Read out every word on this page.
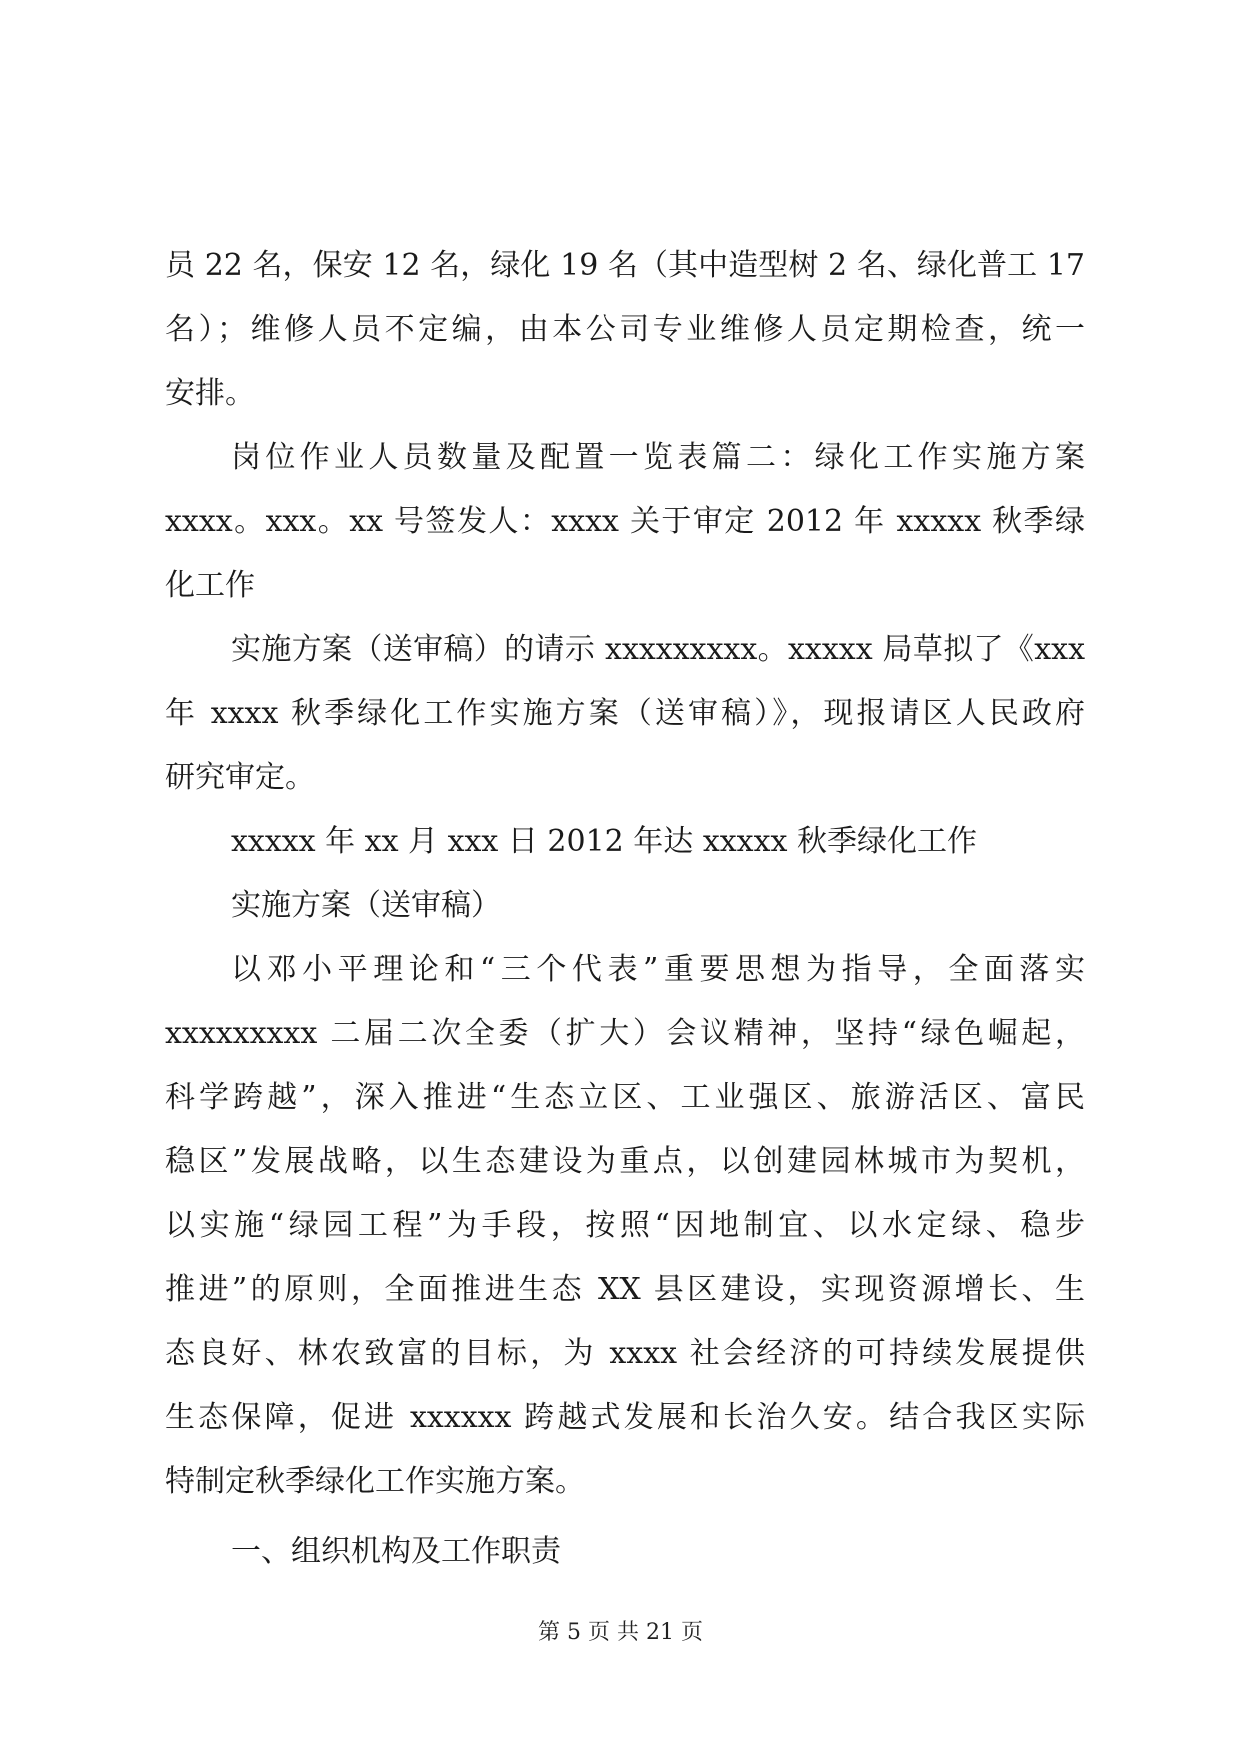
员 22 名，保安 12 名，绿化 19 名（其中造型树 2 名、绿化普工 17
名）；维修人员不定编，由本公司专业维修人员定期检查，统一
安排。
岗位作业人员数量及配置一览表篇二：绿化工作实施方案
xxxx。xxx。xx 号签发人：xxxx 关于审定 2012 年 xxxxx 秋季绿
化工作
实施方案（送审稿）的请示 xxxxxxxxx。xxxxx 局草拟了《xxx
年 xxxx 秋季绿化工作实施方案（送审稿）》，现报请区人民政府
研究审定。
xxxxx 年 xx 月 xxx 日 2012 年达 xxxxx 秋季绿化工作
实施方案（送审稿）
以邓小平理论和“三个代表”重要思想为指导，全面落实
xxxxxxxxx 二届二次全委（扩大）会议精神，坚持“绿色崛起，
科学跨越”，深入推进“生态立区、工业强区、旅游活区、富民
稳区”发展战略，以生态建设为重点，以创建园林城市为契机，
以实施“绿园工程”为手段，按照“因地制宜、以水定绿、稳步
推进”的原则，全面推进生态 XX 县区建设，实现资源增长、生
态良好、林农致富的目标，为 xxxx 社会经济的可持续发展提供
生态保障，促进 xxxxxx 跨越式发展和长治久安。结合我区实际
特制定秋季绿化工作实施方案。
一、组织机构及工作职责
第 5 页 共 21 页
